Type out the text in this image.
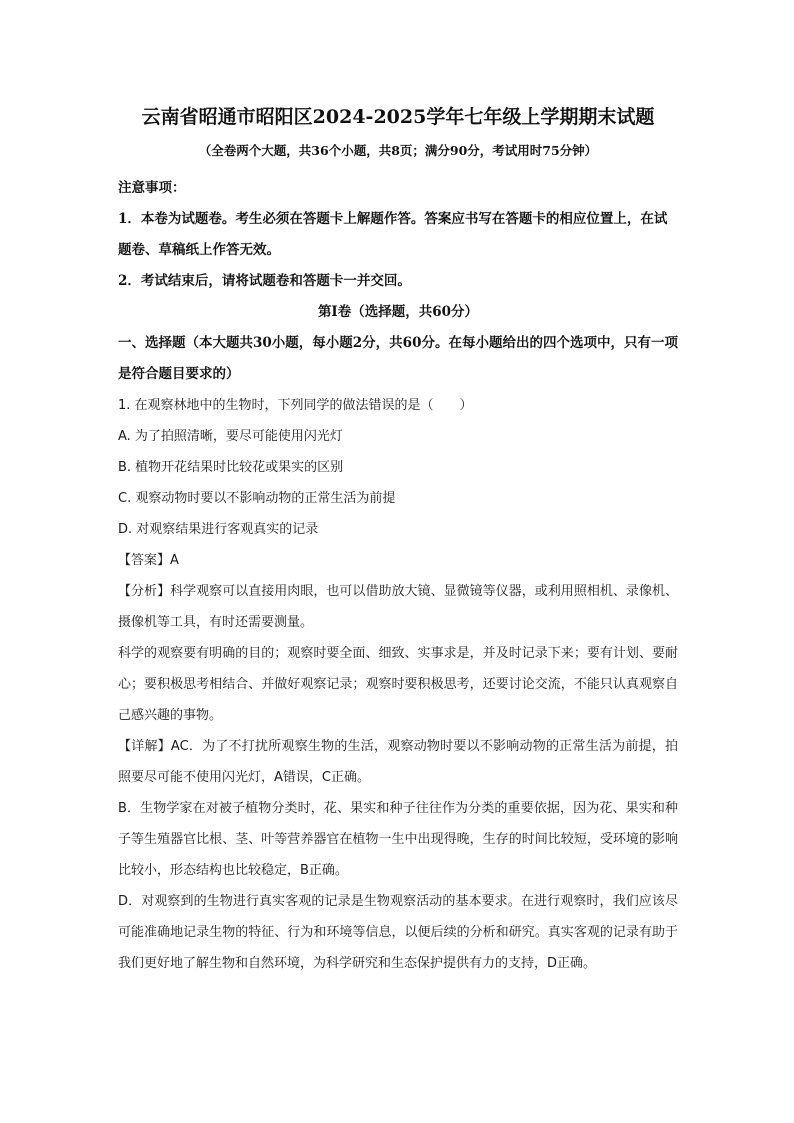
云南省昭通市昭阳区2024-2025学年七年级上学期期末试题

（全卷两个大题，共36个小题，共8页；满分90分，考试用时75分钟）

注意事项：

1．本卷为试题卷。考生必须在答题卡上解题作答。答案应书写在答题卡的相应位置上，在试题卷、草稿纸上作答无效。

2．考试结束后，请将试题卷和答题卡一并交回。

第Ⅰ卷（选择题，共60分）

一、选择题（本大题共30小题，每小题2分，共60分。在每小题给出的四个选项中，只有一项是符合题目要求的）

1. 在观察林地中的生物时，下列同学的做法错误的是（　　）

A. 为了拍照清晰，要尽可能使用闪光灯

B. 植物开花结果时比较花或果实的区别

C. 观察动物时要以不影响动物的正常生活为前提

D. 对观察结果进行客观真实的记录

【答案】A

【分析】科学观察可以直接用肉眼，也可以借助放大镜、显微镜等仪器，或利用照相机、录像机、摄像机等工具，有时还需要测量。

科学的观察要有明确的目的；观察时要全面、细致、实事求是，并及时记录下来；要有计划、要耐心；要积极思考相结合、并做好观察记录；观察时要积极思考，还要讨论交流，不能只认真观察自己感兴趣的事物。

【详解】AC．为了不打扰所观察生物的生活，观察动物时要以不影响动物的正常生活为前提，拍照要尽可能不使用闪光灯，A错误，C正确。

B．生物学家在对被子植物分类时，花、果实和种子往往作为分类的重要依据，因为花、果实和种子等生殖器官比根、茎、叶等营养器官在植物一生中出现得晚，生存的时间比较短，受环境的影响比较小，形态结构也比较稳定，B正确。

D．对观察到的生物进行真实客观的记录是生物观察活动的基本要求。在进行观察时，我们应该尽可能准确地记录生物的特征、行为和环境等信息，以便后续的分析和研究。真实客观的记录有助于我们更好地了解生物和自然环境，为科学研究和生态保护提供有力的支持，D正确。
